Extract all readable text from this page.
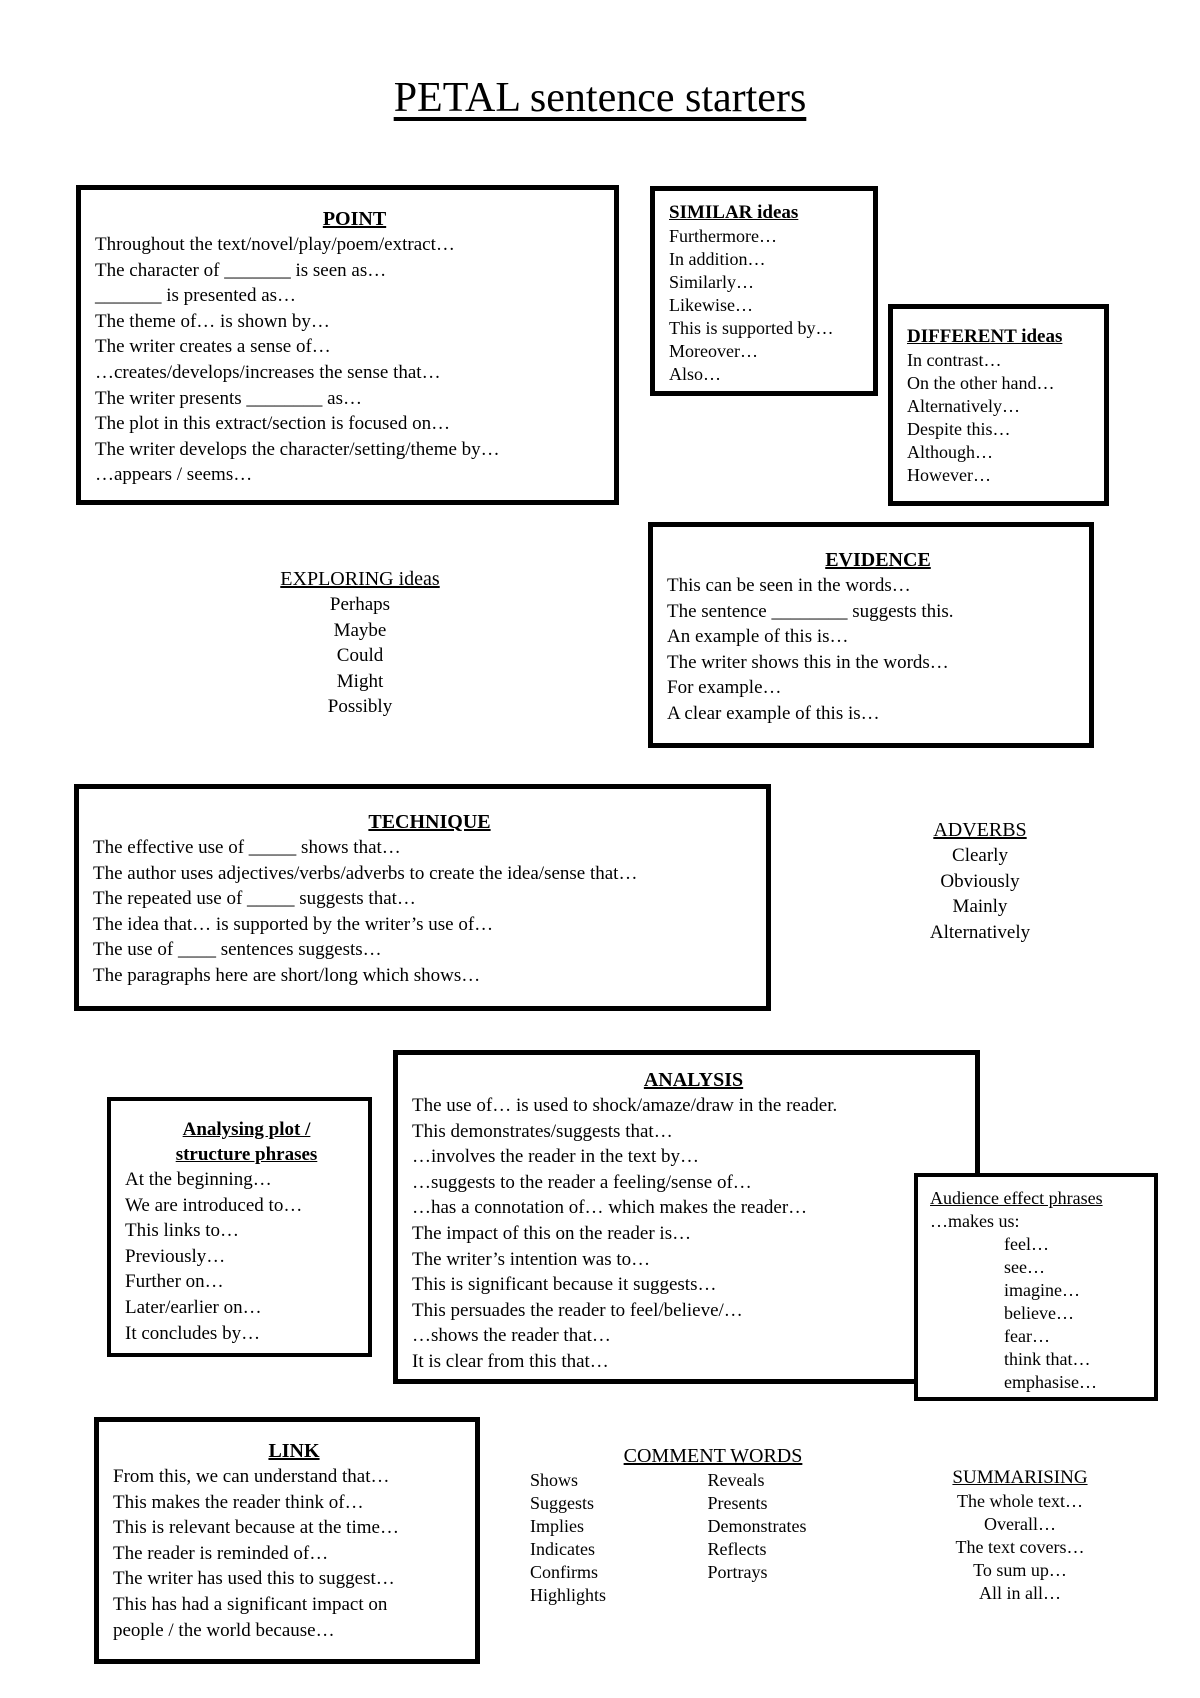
PETAL sentence starters
POINT
Throughout the text/novel/play/poem/extract…
The character of _______ is seen as…
_______ is presented as…
The theme of… is shown by…
The writer creates a sense of…
…creates/develops/increases the sense that…
The writer presents ________ as…
The plot in this extract/section is focused on…
The writer develops the character/setting/theme by…
…appears / seems…
SIMILAR ideas
Furthermore…
In addition…
Similarly…
Likewise…
This is supported by…
Moreover…
Also…
DIFFERENT ideas
In contrast…
On the other hand…
Alternatively…
Despite this…
Although…
However…
EXPLORING ideas
Perhaps
Maybe
Could
Might
Possibly
EVIDENCE
This can be seen in the words…
The sentence ________ suggests this.
An example of this is…
The writer shows this in the words…
For example…
A clear example of this is…
TECHNIQUE
The effective use of _____ shows that…
The author uses adjectives/verbs/adverbs to create the idea/sense that…
The repeated use of _____ suggests that…
The idea that… is supported by the writer’s use of…
The use of ____ sentences suggests…
The paragraphs here are short/long which shows…
ADVERBS
Clearly
Obviously
Mainly
Alternatively
ANALYSIS
The use of… is used to shock/amaze/draw in the reader.
This demonstrates/suggests that…
…involves the reader in the text by…
…suggests to the reader a feeling/sense of…
…has a connotation of… which makes the reader…
The impact of this on the reader is…
The writer’s intention was to…
This is significant because it suggests…
This persuades the reader to feel/believe/…
…shows the reader that…
It is clear from this that…
Analysing plot /
structure phrases
At the beginning…
We are introduced to…
This links to…
Previously…
Further on…
Later/earlier on…
It concludes by…
Audience effect phrases
…makes us:
feel…
see…
imagine…
believe…
fear…
think that…
emphasise…
LINK
From this, we can understand that…
This makes the reader think of…
This is relevant because at the time…
The reader is reminded of…
The writer has used this to suggest…
This has had a significant impact on
people / the world because…
COMMENT WORDS
Shows
Suggests
Implies
Indicates
Confirms
Highlights
Reveals
Presents
Demonstrates
Reflects
Portrays
SUMMARISING
The whole text…
Overall…
The text covers…
To sum up…
All in all…
